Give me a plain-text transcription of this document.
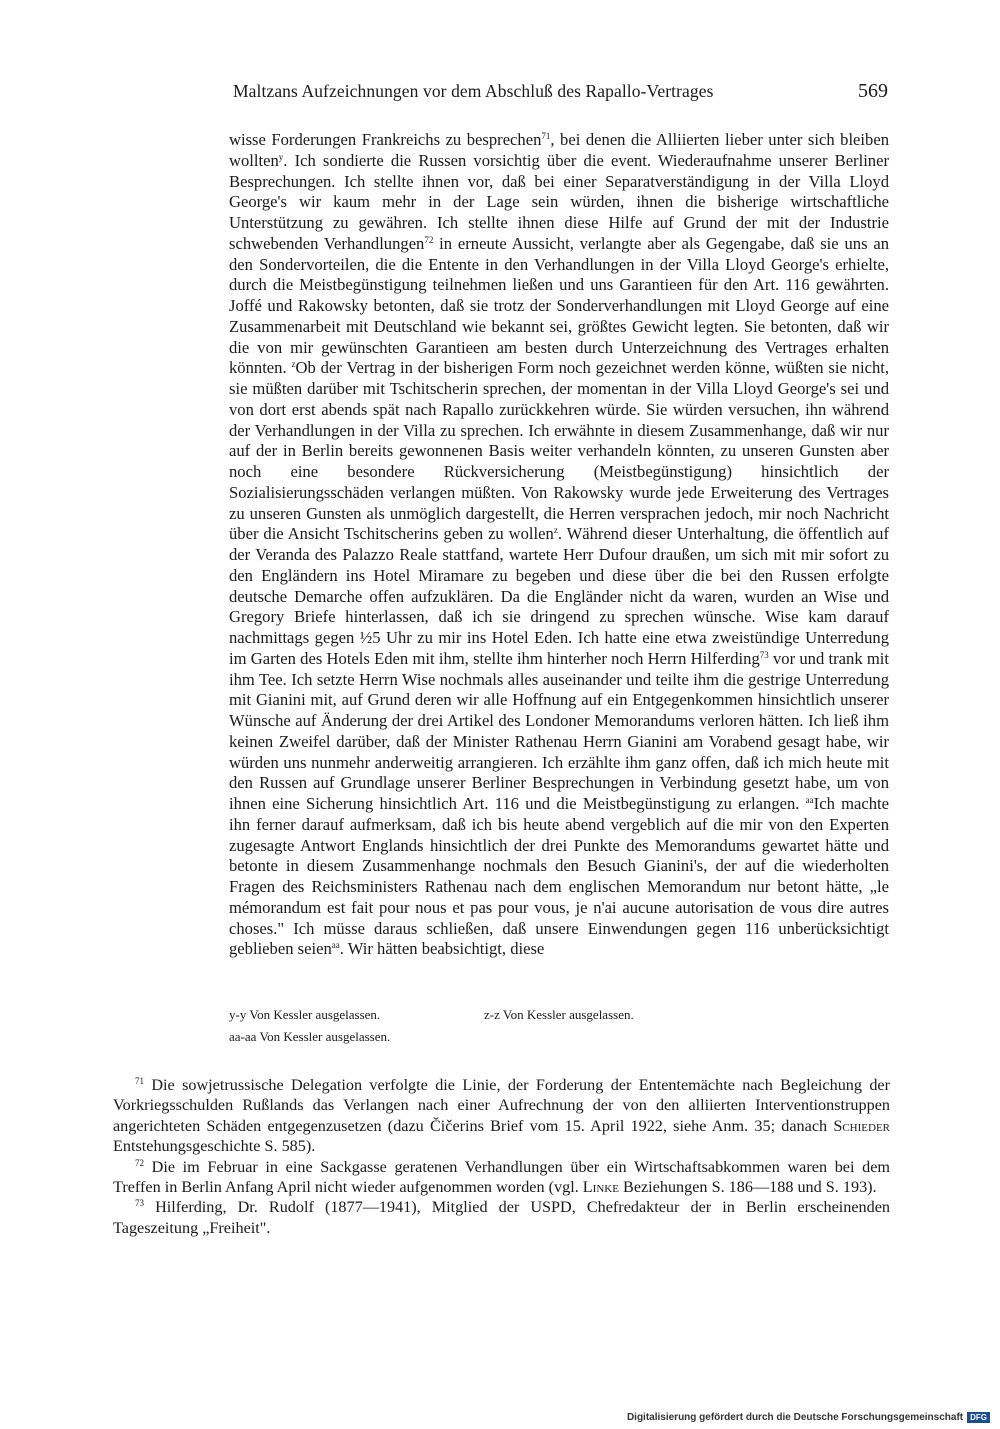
Maltzans Aufzeichnungen vor dem Abschluß des Rapallo-Vertrages	569

wisse Forderungen Frankreichs zu besprechen$^{71}$, bei denen die Alliierten lieber unter sich bleiben wollten$^y$. Ich sondierte die Russen vorsichtig über die event. Wiederaufnahme unserer Berliner Besprechungen. Ich stellte ihnen vor, daß bei einer Separatverständigung in der Villa Lloyd George's wir kaum mehr in der Lage sein würden, ihnen die bisherige wirtschaftliche Unterstützung zu gewähren. Ich stellte ihnen diese Hilfe auf Grund der mit der Industrie schwebenden Verhandlungen$^{72}$ in erneute Aussicht, verlangte aber als Gegengabe, daß sie uns an den Sondervorteilen, die die Entente in den Verhandlungen in der Villa Lloyd George's erhielte, durch die Meistbegünstigung teilnehmen ließen und uns Garantieen für den Art. 116 gewährten. Joffé und Rakowsky betonten, daß sie trotz der Sonderverhandlungen mit Lloyd George auf eine Zusammenarbeit mit Deutschland wie bekannt sei, größtes Gewicht legten. Sie betonten, daß wir die von mir gewünschten Garantieen am besten durch Unterzeichnung des Vertrages erhalten könnten. $^z$Ob der Vertrag in der bisherigen Form noch gezeichnet werden könne, wüßten sie nicht, sie müßten darüber mit Tschitscherin sprechen, der momentan in der Villa Lloyd George's sei und von dort erst abends spät nach Rapallo zurückkehren würde. Sie würden versuchen, ihn während der Verhandlungen in der Villa zu sprechen. Ich erwähnte in diesem Zusammenhange, daß wir nur auf der in Berlin bereits gewonnenen Basis weiter verhandeln könnten, zu unseren Gunsten aber noch eine besondere Rückversicherung (Meistbegünstigung) hinsichtlich der Sozialisierungsschäden verlangen müßten. Von Rakowsky wurde jede Erweiterung des Vertrages zu unseren Gunsten als unmöglich dargestellt, die Herren versprachen jedoch, mir noch Nachricht über die Ansicht Tschitscherins geben zu wollen$^z$. Während dieser Unterhaltung, die öffentlich auf der Veranda des Palazzo Reale stattfand, wartete Herr Dufour draußen, um sich mit mir sofort zu den Engländern ins Hotel Miramare zu begeben und diese über die bei den Russen erfolgte deutsche Demarche offen aufzuklären. Da die Engländer nicht da waren, wurden an Wise und Gregory Briefe hinterlassen, daß ich sie dringend zu sprechen wünsche. Wise kam darauf nachmittags gegen ½5 Uhr zu mir ins Hotel Eden. Ich hatte eine etwa zweistündige Unterredung im Garten des Hotels Eden mit ihm, stellte ihm hinterher noch Herrn Hilferding$^{73}$ vor und trank mit ihm Tee. Ich setzte Herrn Wise nochmals alles auseinander und teilte ihm die gestrige Unterredung mit Gianini mit, auf Grund deren wir alle Hoffnung auf ein Entgegenkommen hinsichtlich unserer Wünsche auf Änderung der drei Artikel des Londoner Memorandums verloren hätten. Ich ließ ihm keinen Zweifel darüber, daß der Minister Rathenau Herrn Gianini am Vorabend gesagt habe, wir würden uns nunmehr anderweitig arrangieren. Ich erzählte ihm ganz offen, daß ich mich heute mit den Russen auf Grundlage unserer Berliner Besprechungen in Verbindung gesetzt habe, um von ihnen eine Sicherung hinsichtlich Art. 116 und die Meistbegünstigung zu erlangen. $^{aa}$Ich machte ihn ferner darauf aufmerksam, daß ich bis heute abend vergeblich auf die mir von den Experten zugesagte Antwort Englands hinsichtlich der drei Punkte des Memorandums gewartet hätte und betonte in diesem Zusammenhange nochmals den Besuch Gianini's, der auf die wiederholten Fragen des Reichsministers Rathenau nach dem englischen Memorandum nur betont hätte, „le mémorandum est fait pour nous et pas pour vous, je n'ai aucune autorisation de vous dire autres choses." Ich müsse daraus schließen, daß unsere Einwendungen gegen 116 unberücksichtigt geblieben seien$^{aa}$. Wir hätten beabsichtigt, diese

y-y Von Kessler ausgelassen.	z-z Von Kessler ausgelassen.
aa-aa Von Kessler ausgelassen.

$^{71}$ Die sowjetrussische Delegation verfolgte die Linie, der Forderung der Ententemächte nach Begleichung der Vorkriegsschulden Rußlands das Verlangen nach einer Aufrechnung der von den alliierten Interventionstruppen angerichteten Schäden entgegenzusetzen (dazu Čičerins Brief vom 15. April 1922, siehe Anm. 35; danach Schieder Entstehungsgeschichte S. 585).

$^{72}$ Die im Februar in eine Sackgasse geratenen Verhandlungen über ein Wirtschaftsabkommen waren bei dem Treffen in Berlin Anfang April nicht wieder aufgenommen worden (vgl. Linke Beziehungen S. 186—188 und S. 193).

$^{73}$ Hilferding, Dr. Rudolf (1877—1941), Mitglied der USPD, Chefredakteur der in Berlin erscheinenden Tageszeitung „Freiheit".

Digitalisierung gefördert durch die Deutsche Forschungsgemeinschaft DFG
